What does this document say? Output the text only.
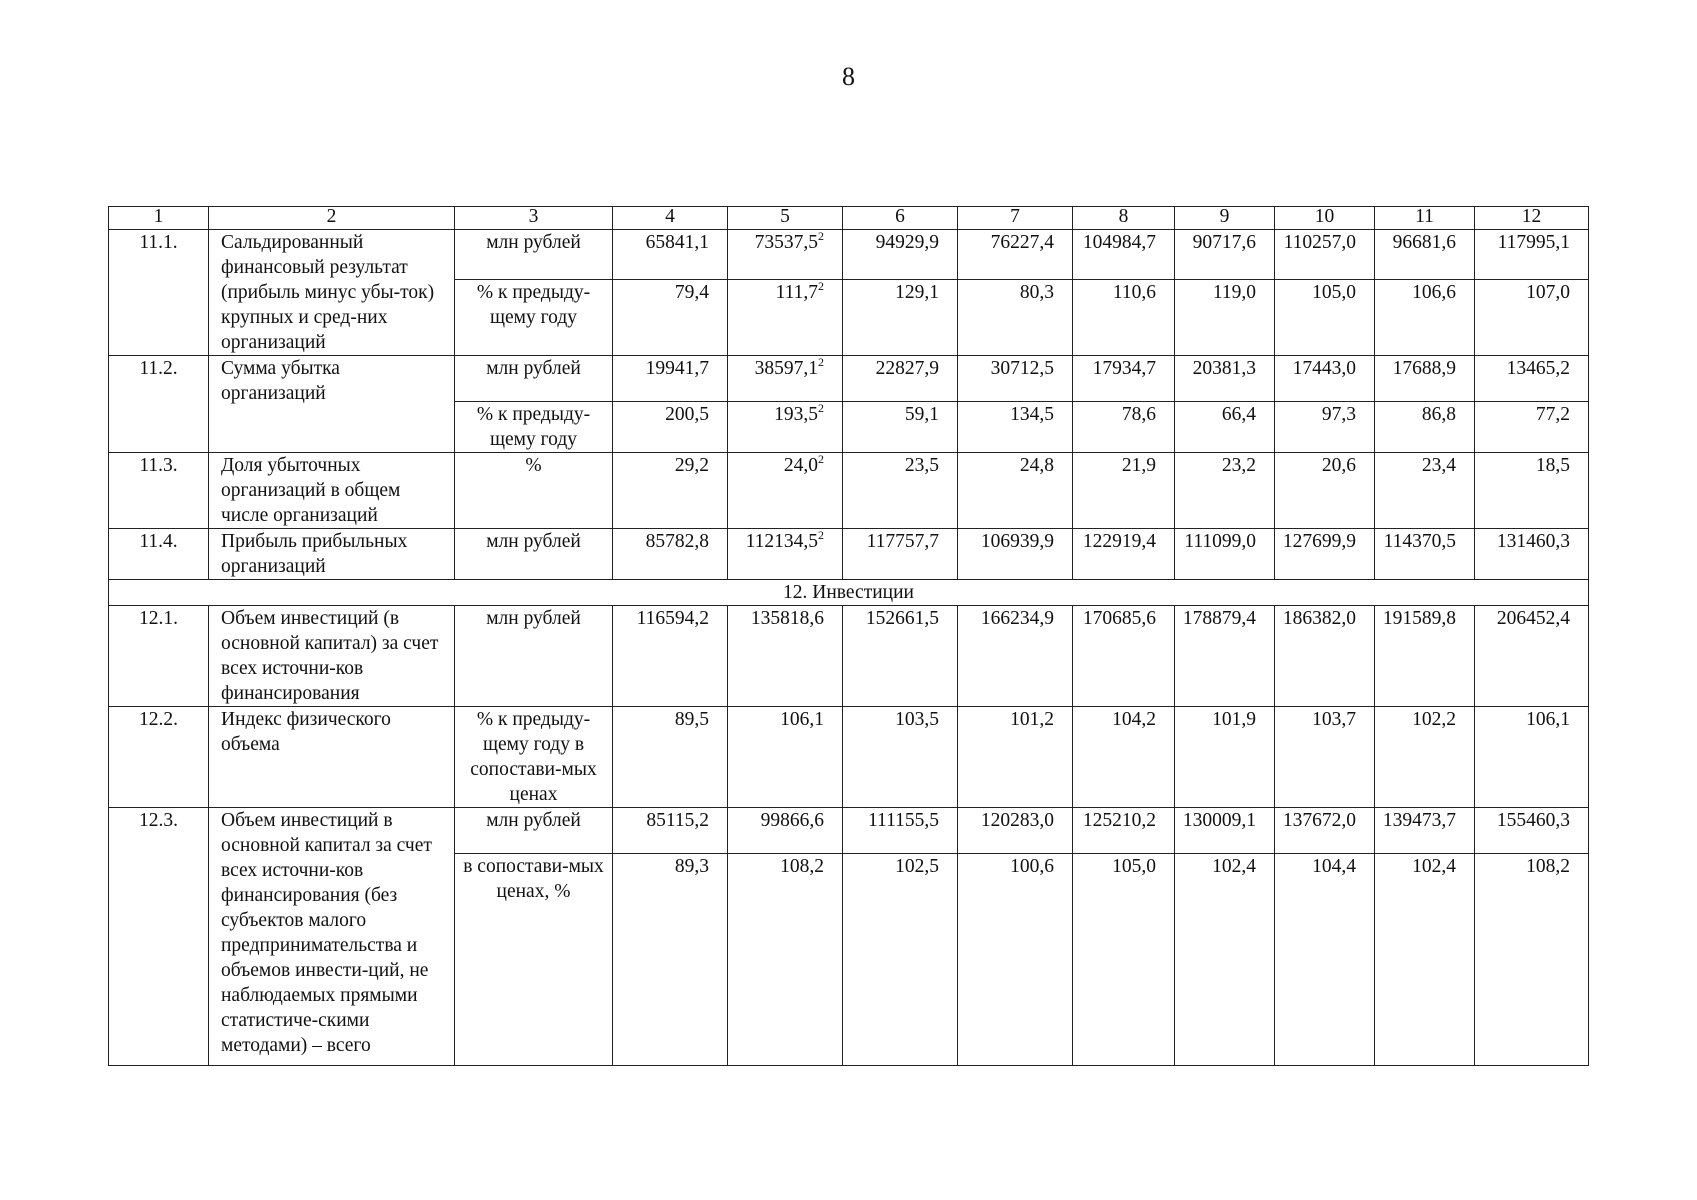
8
1	2	3	4	5	6	7	8	9	10	11	12
11.1.	Сальдированный финансовый результат (прибыль минус убы-ток) крупных и сред-них организаций	млн рублей	65841,1	73537,5$^2$	94929,9	76227,4	104984,7	90717,6	110257,0	96681,6	117995,1
		% к предыду-щему году	79,4	111,7$^2$	129,1	80,3	110,6	119,0	105,0	106,6	107,0
11.2.	Сумма убытка организаций	млн рублей	19941,7	38597,1$^2$	22827,9	30712,5	17934,7	20381,3	17443,0	17688,9	13465,2
		% к предыду-щему году	200,5	193,5$^2$	59,1	134,5	78,6	66,4	97,3	86,8	77,2
11.3.	Доля убыточных организаций в общем числе организаций	%	29,2	24,0$^2$	23,5	24,8	21,9	23,2	20,6	23,4	18,5
11.4.	Прибыль прибыльных организаций	млн рублей	85782,8	112134,5$^2$	117757,7	106939,9	122919,4	111099,0	127699,9	114370,5	131460,3
12. Инвестиции											
12.1.	Объем инвестиций (в основной капитал) за счет всех источни-ков финансирования	млн рублей	116594,2	135818,6	152661,5	166234,9	170685,6	178879,4	186382,0	191589,8	206452,4
12.2.	Индекс физического объема	% к предыду-щему году в сопостави-мых ценах	89,5	106,1	103,5	101,2	104,2	101,9	103,7	102,2	106,1
12.3.	Объем инвестиций в основной капитал за счет всех источни-ков финансирования (без субъектов малого предпринимательства и объемов инвести-ций, не наблюдаемых прямыми статистиче-скими методами) – всего	млн рублей	85115,2	99866,6	111155,5	120283,0	125210,2	130009,1	137672,0	139473,7	155460,3
		в сопостави-мых ценах, %	89,3	108,2	102,5	100,6	105,0	102,4	104,4	102,4	108,2
